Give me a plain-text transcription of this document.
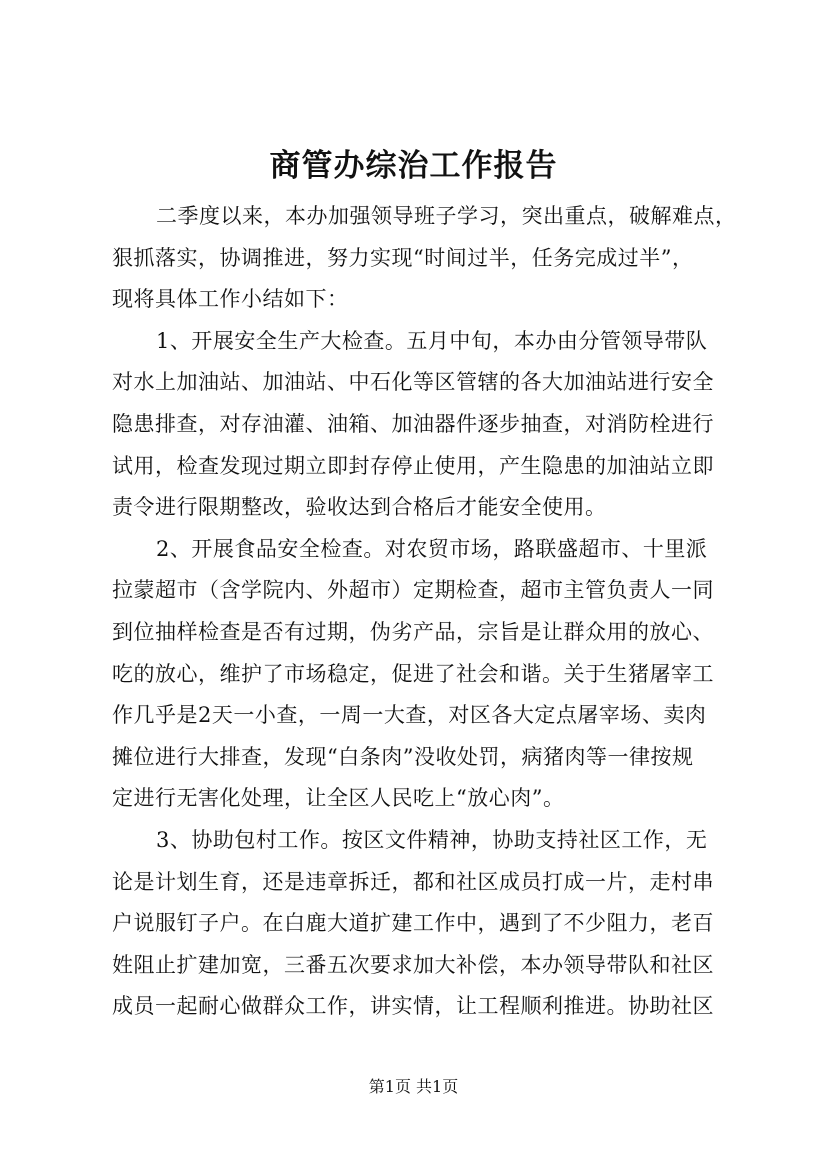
商管办综治工作报告
二季度以来，本办加强领导班子学习，突出重点，破解难点，
狠抓落实，协调推进，努力实现“时间过半，任务完成过半”，
现将具体工作小结如下：
1、开展安全生产大检查。五月中旬，本办由分管领导带队
对水上加油站、加油站、中石化等区管辖的各大加油站进行安全
隐患排查，对存油灌、油箱、加油器件逐步抽查，对消防栓进行
试用，检查发现过期立即封存停止使用，产生隐患的加油站立即
责令进行限期整改，验收达到合格后才能安全使用。
2、开展食品安全检查。对农贸市场，路联盛超市、十里派
拉蒙超市（含学院内、外超市）定期检查，超市主管负责人一同
到位抽样检查是否有过期，伪劣产品，宗旨是让群众用的放心、
吃的放心，维护了市场稳定，促进了社会和谐。关于生猪屠宰工
作几乎是2天一小查，一周一大查，对区各大定点屠宰场、卖肉
摊位进行大排查，发现“白条肉”没收处罚，病猪肉等一律按规
定进行无害化处理，让全区人民吃上“放心肉”。
3、协助包村工作。按区文件精神，协助支持社区工作，无
论是计划生育，还是违章拆迁，都和社区成员打成一片，走村串
户说服钉子户。在白鹿大道扩建工作中，遇到了不少阻力，老百
姓阻止扩建加宽，三番五次要求加大补偿，本办领导带队和社区
成员一起耐心做群众工作，讲实情，让工程顺利推进。协助社区
第1页 共1页
